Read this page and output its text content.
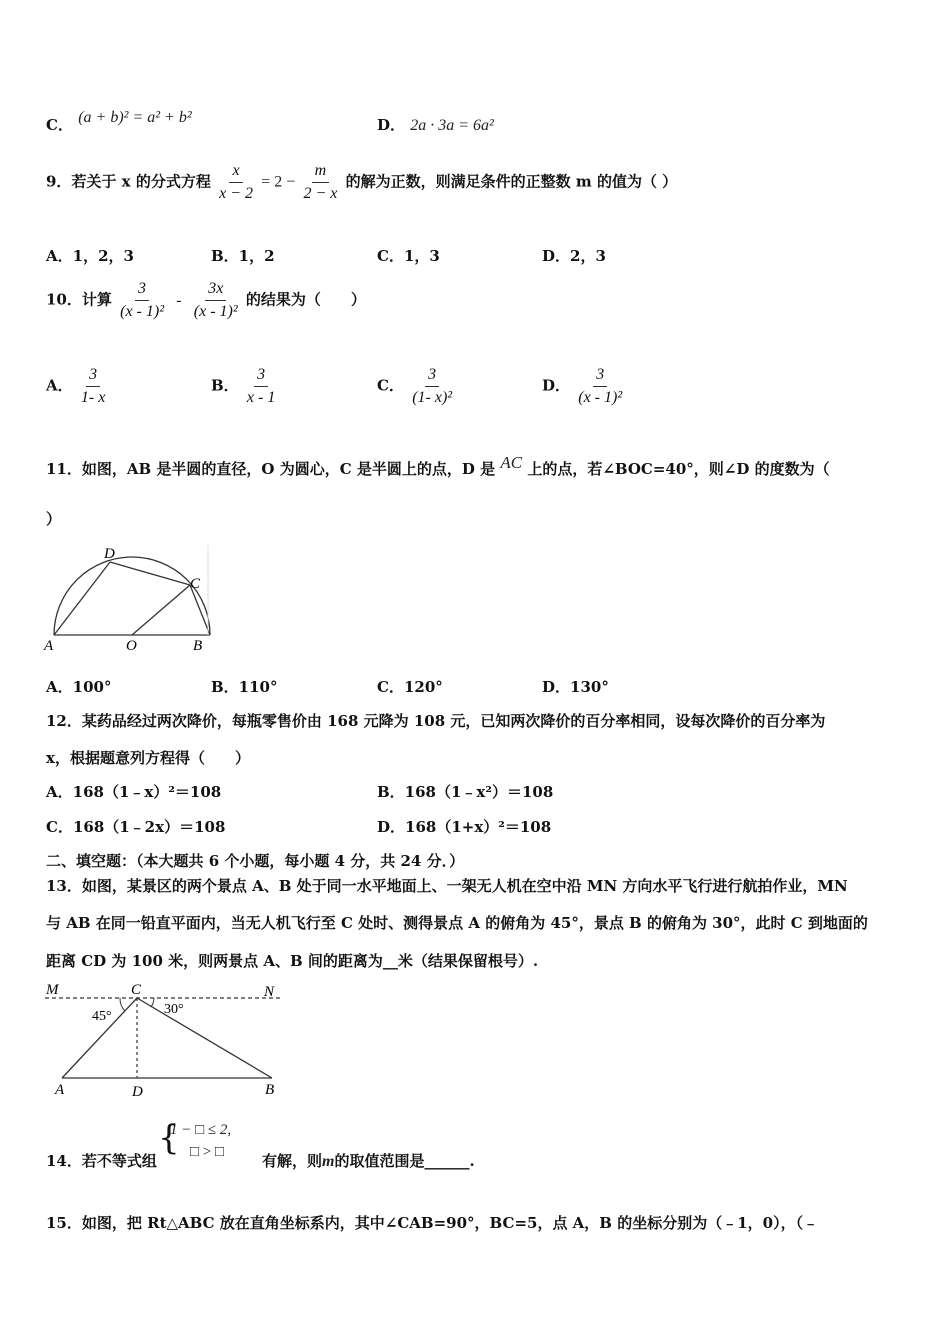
C． (a + b)² = a² + b²	D． 2a · 3a = 6a²
9．若关于 x 的分式方程 $\frac{x}{x - 2} = 2 - \frac{m}{2 - x}$ 的解为正数，则满足条件的正整数 m 的值为（ ）
A．1，2，3	B．1，2	C．1，3	D．2，3
10．计算 $\frac{3}{\text{(x - 1)²}} - \frac{3x}{\text{(x - 1)²}}$ 的结果为（　　）
A． $\frac{3}{1- x}$	B． $\frac{3}{x - 1}$	C． $\frac{3}{\text{(1- x)²}}$	D． $\frac{3}{\text{(x - 1)²}}$
11．如图，AB 是半圆的直径，O 为圆心，C 是半圆上的点，D 是 AC 上的点，若∠BOC=40°，则∠D 的度数为（
）
D
C
A	O	B
A．100°	B．110°	C．120°	D．130°
12．某药品经过两次降价，每瓶零售价由 168 元降为 108 元，已知两次降价的百分率相同，设每次降价的百分率为
x，根据题意列方程得（　　）
A．168（1﹣x）²＝108	B．168（1﹣x²）＝108
C．168（1﹣2x）＝108	D．168（1+x）²＝108
二、填空题：（本大题共 6 个小题，每小题 4 分，共 24 分．）
13．如图，某景区的两个景点 A、B 处于同一水平地面上、一架无人机在空中沿 MN 方向水平飞行进行航拍作业，MN
与 AB 在同一铅直平面内，当无人机飞行至 C 处时、测得景点 A 的俯角为 45°，景点 B 的俯角为 30°，此时 C 到地面的
距离 CD 为 100 米，则两景点 A、B 间的距离为__米（结果保留根号）.
M	C	N
45°	30°
A	D	B
14．若不等式组
{
1 − □ ≤ 2,
□ > □	有解，则m的取值范围是______.
15．如图，把 Rt△ABC 放在直角坐标系内，其中∠CAB=90°，BC=5，点 A，B 的坐标分别为（﹣1，0），（﹣
